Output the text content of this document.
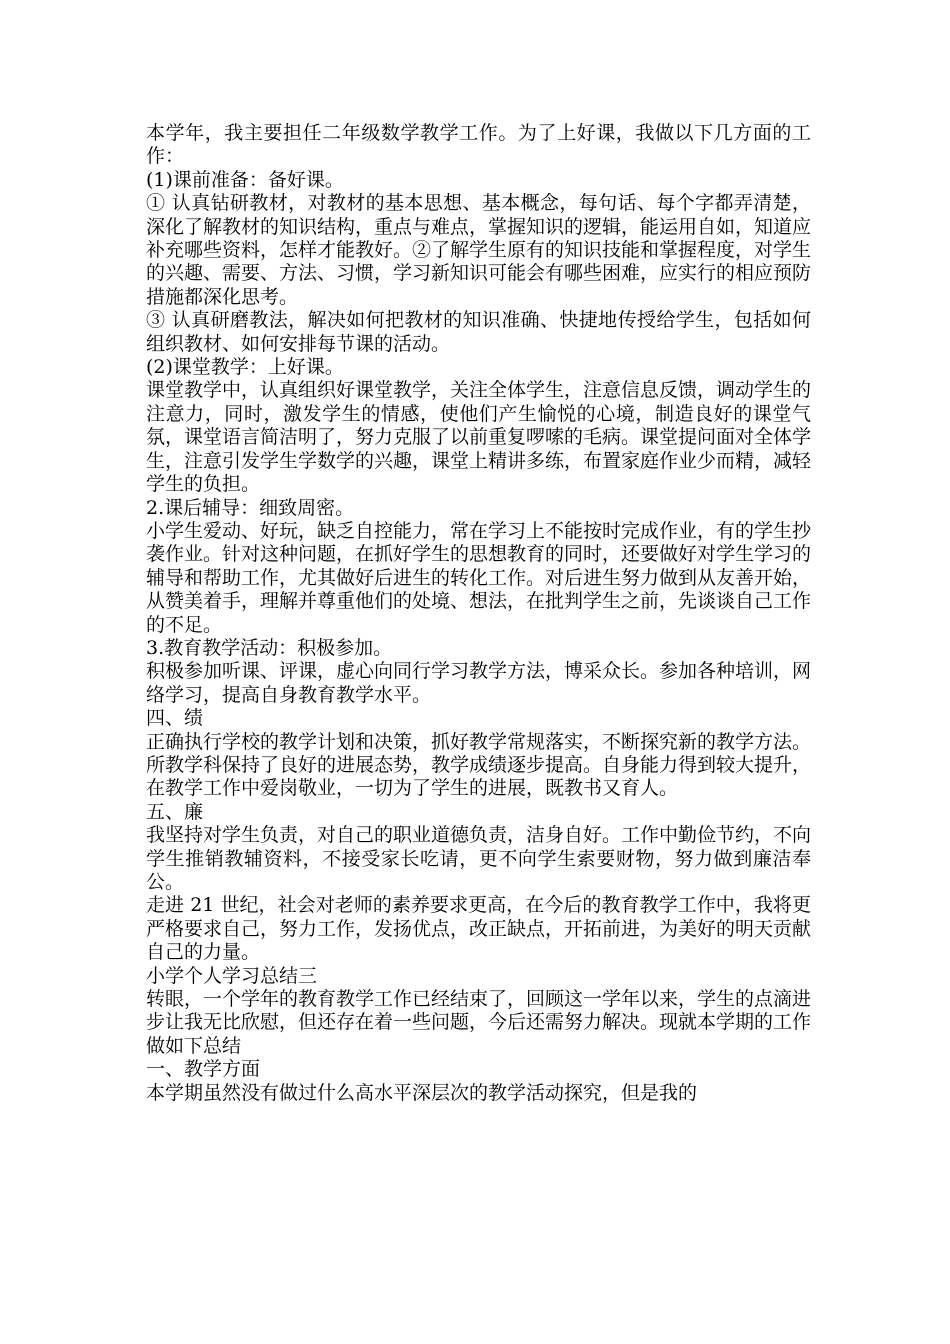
本学年，我主要担任二年级数学教学工作。为了上好课，我做以下几方面的工作：

(1)课前准备：备好课。

① 认真钻研教材，对教材的基本思想、基本概念，每句话、每个字都弄清楚，深化了解教材的知识结构，重点与难点，掌握知识的逻辑，能运用自如，知道应补充哪些资料，怎样才能教好。②了解学生原有的知识技能和掌握程度，对学生的兴趣、需要、方法、习惯，学习新知识可能会有哪些困难，应实行的相应预防措施都深化思考。

③ 认真研磨教法，解决如何把教材的知识准确、快捷地传授给学生，包括如何组织教材、如何安排每节课的活动。

(2)课堂教学：上好课。

课堂教学中，认真组织好课堂教学，关注全体学生，注意信息反馈，调动学生的注意力，同时，激发学生的情感，使他们产生愉悦的心境，制造良好的课堂气氛，课堂语言简洁明了，努力克服了以前重复啰嗦的毛病。课堂提问面对全体学生，注意引发学生学数学的兴趣，课堂上精讲多练，布置家庭作业少而精，减轻学生的负担。

2.课后辅导：细致周密。

小学生爱动、好玩，缺乏自控能力，常在学习上不能按时完成作业，有的学生抄袭作业。针对这种问题，在抓好学生的思想教育的同时，还要做好对学生学习的辅导和帮助工作，尤其做好后进生的转化工作。对后进生努力做到从友善开始，从赞美着手，理解并尊重他们的处境、想法，在批判学生之前，先谈谈自己工作的不足。

3.教育教学活动：积极参加。

积极参加听课、评课，虚心向同行学习教学方法，博采众长。参加各种培训，网络学习，提高自身教育教学水平。

四、绩

正确执行学校的教学计划和决策，抓好教学常规落实，不断探究新的教学方法。所教学科保持了良好的进展态势，教学成绩逐步提高。自身能力得到较大提升，在教学工作中爱岗敬业，一切为了学生的进展，既教书又育人。

五、廉

我坚持对学生负责，对自己的职业道德负责，洁身自好。工作中勤俭节约，不向学生推销教辅资料，不接受家长吃请，更不向学生索要财物，努力做到廉洁奉公。

走进 21 世纪，社会对老师的素养要求更高，在今后的教育教学工作中，我将更严格要求自己，努力工作，发扬优点，改正缺点，开拓前进，为美好的明天贡献自己的力量。

小学个人学习总结三

转眼，一个学年的教育教学工作已经结束了，回顾这一学年以来，学生的点滴进步让我无比欣慰，但还存在着一些问题，今后还需努力解决。现就本学期的工作做如下总结

一、教学方面

本学期虽然没有做过什么高水平深层次的教学活动探究，但是我的
